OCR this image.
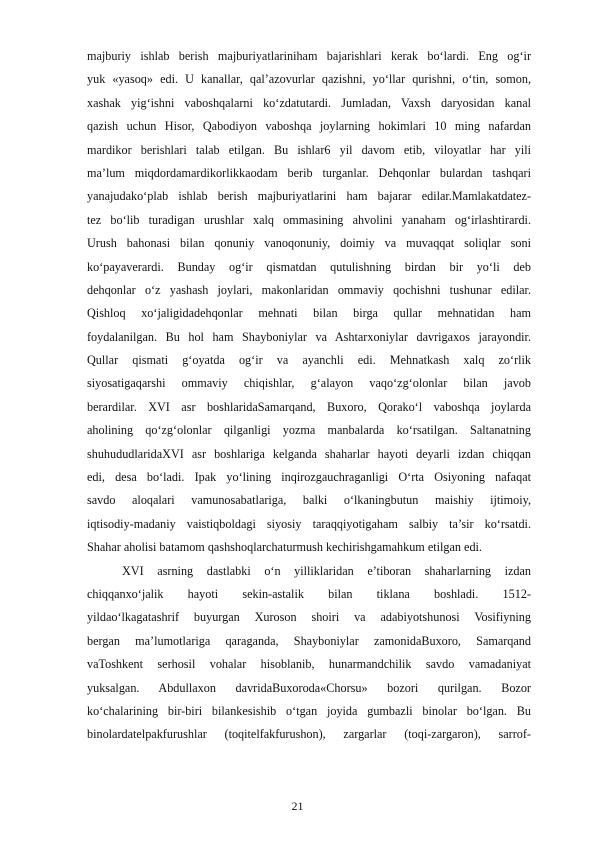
majburiy ishlab berish majburiyatlariniham bajarishlari kerak bo‘lardi. Eng og‘ir

yuk «yasoq» edi. U kanallar, qal’azovurlar qazishni, yo‘llar qurishni, o‘tin, somon,

xashak yig‘ishni vaboshqalarni ko‘zdatutardi. Jumladan, Vaxsh daryosidan kanal

qazish uchun Hisor, Qabodiyon vaboshqa joylarning hokimlari 10 ming nafardan

mardikor berishlari talab etilgan. Bu ishlar6 yil davom etib, viloyatlar har yili

ma’lum miqdordamardikorlikkaodam berib turganlar. Dehqonlar bulardan tashqari

yanajudako‘plab ishlab berish majburiyatlarini ham bajarar edilar.Mamlakatdatez-

tez bo‘lib turadigan urushlar xalq ommasining ahvolini yanaham og‘irlashtirardi.

Urush bahonasi bilan qonuniy vanoqonuniy, doimiy va muvaqqat soliqlar soni

ko‘payaverardi. Bunday og‘ir qismatdan qutulishning birdan bir yo‘li deb

dehqonlar o‘z yashash joylari, makonlaridan ommaviy qochishni tushunar edilar.

Qishloq xo‘jaligidadehqonlar mehnati bilan birga qullar mehnatidan ham

foydalanilgan. Bu hol ham Shayboniylar va Ashtarxoniylar davrigaxos jarayondir.

Qullar qismati g‘oyatda og‘ir va ayanchli edi. Mehnatkash xalq zo‘rlik

siyosatigaqarshi ommaviy chiqishlar, g‘alayon vaqo‘zg‘olonlar bilan javob

berardilar. XVI asr boshlaridaSamarqand, Buxoro, Qorako‘l vaboshqa joylarda

aholining qo‘zg‘olonlar qilganligi yozma manbalarda ko‘rsatilgan. Saltanatning

shuhududlaridaXVI asr boshlariga kelganda shaharlar hayoti deyarli izdan chiqqan

edi, desa bo‘ladi. Ipak yo‘lining inqirozgauchraganligi O‘rta Osiyoning nafaqat

savdo aloqalari vamunosabatlariga, balki o‘lkaningbutun maishiy ijtimoiy,

iqtisodiy-madaniy vaistiqboldagi siyosiy taraqqiyotigaham salbiy ta’sir ko‘rsatdi.

Shahar aholisi batamom qashshoqlarchaturmush kechirishgamahkum etilgan edi.

XVI asrning dastlabki o‘n yilliklaridan e’tiboran shaharlarning izdan

chiqqanxo‘jalik hayoti sekin-astalik bilan tiklana boshladi. 1512-

yildao‘lkagatashrif buyurgan Xuroson shoiri va adabiyotshunosi Vosifiyning

bergan ma’lumotlariga qaraganda, Shayboniylar zamonidaBuxoro, Samarqand

vaToshkent serhosil vohalar hisoblanib, hunarmandchilik savdo vamadaniyat

yuksalgan. Abdullaxon davridaBuxoroda«Chorsu» bozori qurilgan. Bozor

ko‘chalarining bir-biri bilankesishib o‘tgan joyida gumbazli binolar bo‘lgan. Bu

binolardatelpakfurushlar (toqitelfakfurushon), zargarlar (toqi-zargaron), sarrof-

21
